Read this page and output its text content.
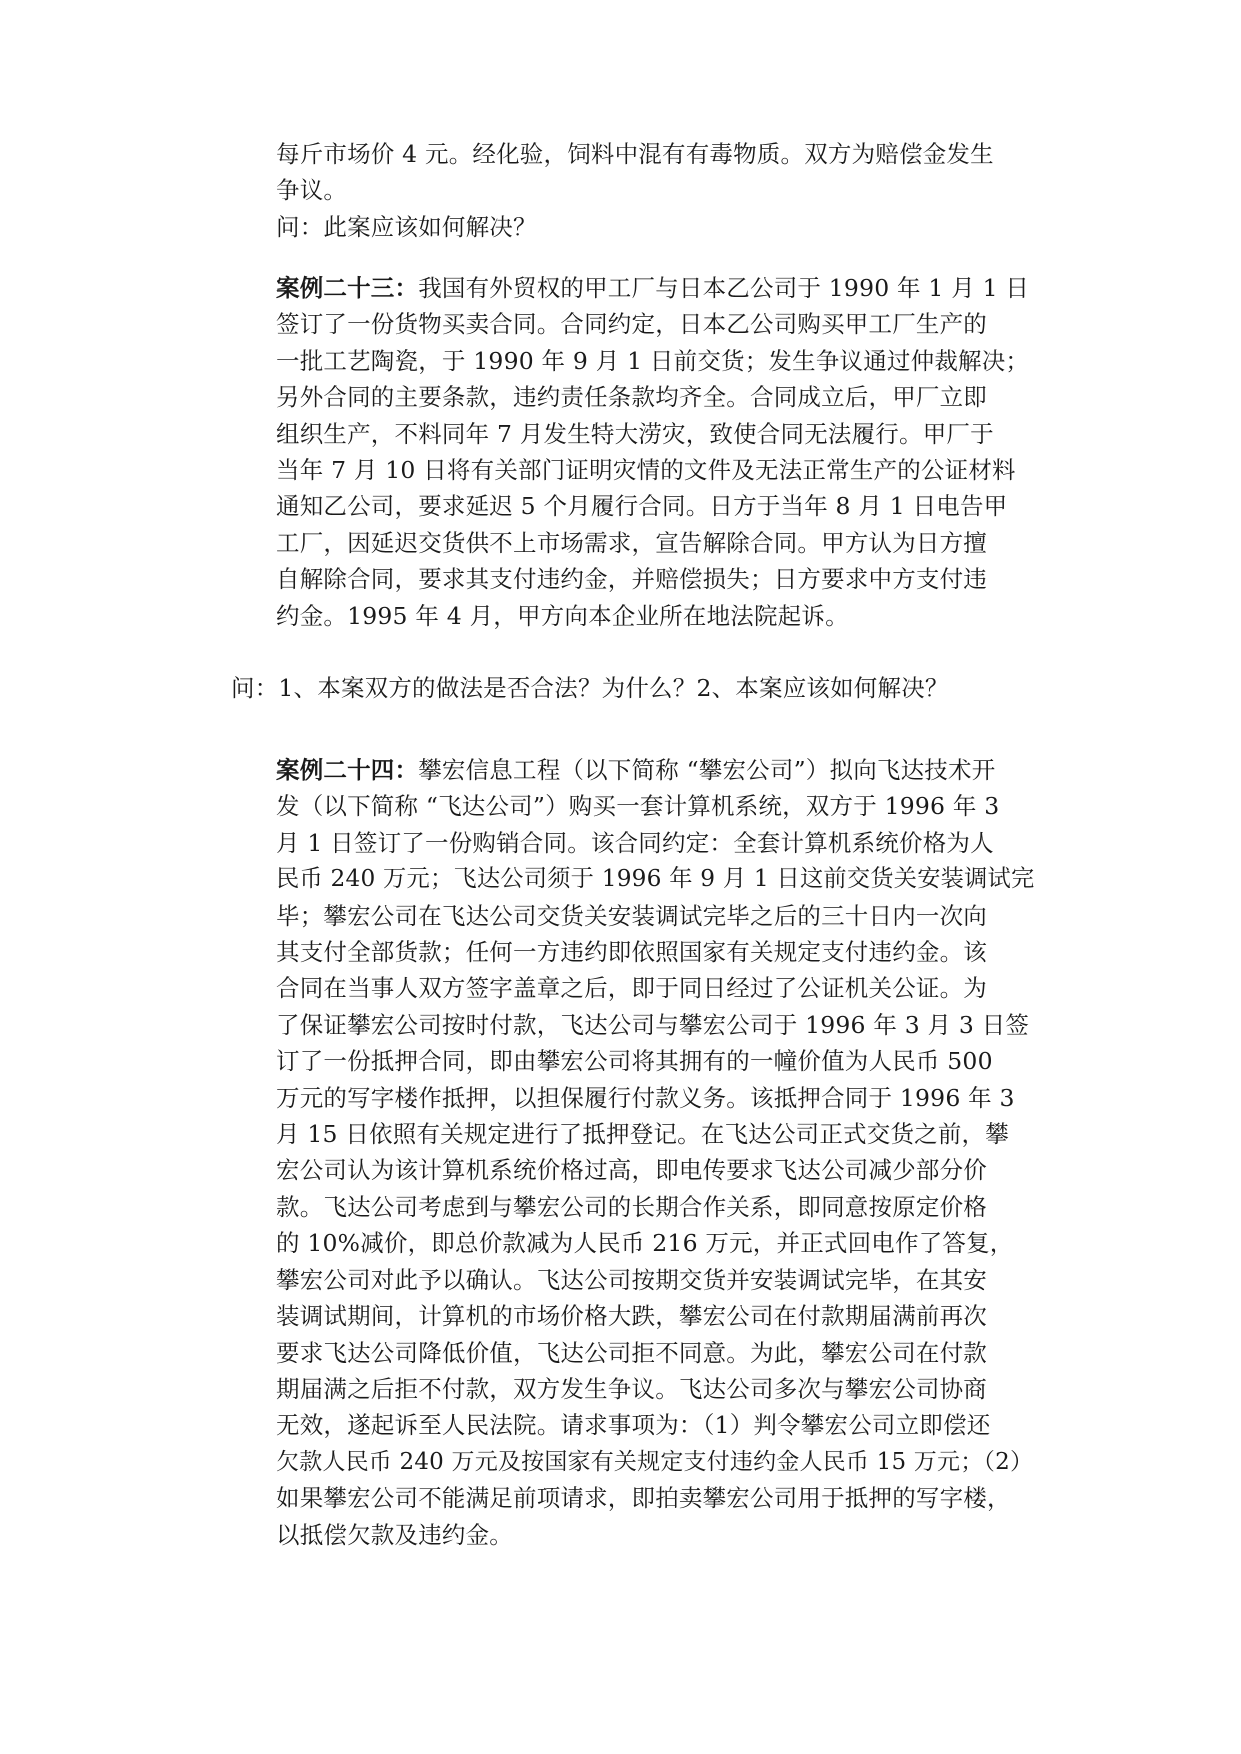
每斤市场价 4 元。经化验，饲料中混有有毒物质。双方为赔偿金发生
争议。
问：此案应该如何解决？
案例二十三：我国有外贸权的甲工厂与日本乙公司于 1990 年 1 月 1 日
签订了一份货物买卖合同。合同约定，日本乙公司购买甲工厂生产的
一批工艺陶瓷，于 1990 年 9 月 1 日前交货；发生争议通过仲裁解决；
另外合同的主要条款，违约责任条款均齐全。合同成立后，甲厂立即
组织生产，不料同年 7 月发生特大涝灾，致使合同无法履行。甲厂于
当年 7 月 10 日将有关部门证明灾情的文件及无法正常生产的公证材料
通知乙公司，要求延迟 5 个月履行合同。日方于当年 8 月 1 日电告甲
工厂，因延迟交货供不上市场需求，宣告解除合同。甲方认为日方擅
自解除合同，要求其支付违约金，并赔偿损失；日方要求中方支付违
约金。1995 年 4 月，甲方向本企业所在地法院起诉。

问：1、本案双方的做法是否合法？为什么？2、本案应该如何解决？

案例二十四：攀宏信息工程（以下简称 “攀宏公司”）拟向飞达技术开
发（以下简称 “飞达公司”）购买一套计算机系统，双方于 1996 年 3
月 1 日签订了一份购销合同。该合同约定：全套计算机系统价格为人
民币 240 万元；飞达公司须于 1996 年 9 月 1 日这前交货关安装调试完
毕；攀宏公司在飞达公司交货关安装调试完毕之后的三十日内一次向
其支付全部货款；任何一方违约即依照国家有关规定支付违约金。该
合同在当事人双方签字盖章之后，即于同日经过了公证机关公证。为
了保证攀宏公司按时付款，飞达公司与攀宏公司于 1996 年 3 月 3 日签
订了一份抵押合同，即由攀宏公司将其拥有的一幢价值为人民币 500
万元的写字楼作抵押，以担保履行付款义务。该抵押合同于 1996 年 3
月 15 日依照有关规定进行了抵押登记。在飞达公司正式交货之前，攀
宏公司认为该计算机系统价格过高，即电传要求飞达公司减少部分价
款。飞达公司考虑到与攀宏公司的长期合作关系，即同意按原定价格
的 10%减价，即总价款减为人民币 216 万元，并正式回电作了答复，
攀宏公司对此予以确认。飞达公司按期交货并安装调试完毕，在其安
装调试期间，计算机的市场价格大跌，攀宏公司在付款期届满前再次
要求飞达公司降低价值，飞达公司拒不同意。为此，攀宏公司在付款
期届满之后拒不付款，双方发生争议。飞达公司多次与攀宏公司协商
无效，遂起诉至人民法院。请求事项为：（1）判令攀宏公司立即偿还
欠款人民币 240 万元及按国家有关规定支付违约金人民币 15 万元；（2）
如果攀宏公司不能满足前项请求，即拍卖攀宏公司用于抵押的写字楼，
以抵偿欠款及违约金。
